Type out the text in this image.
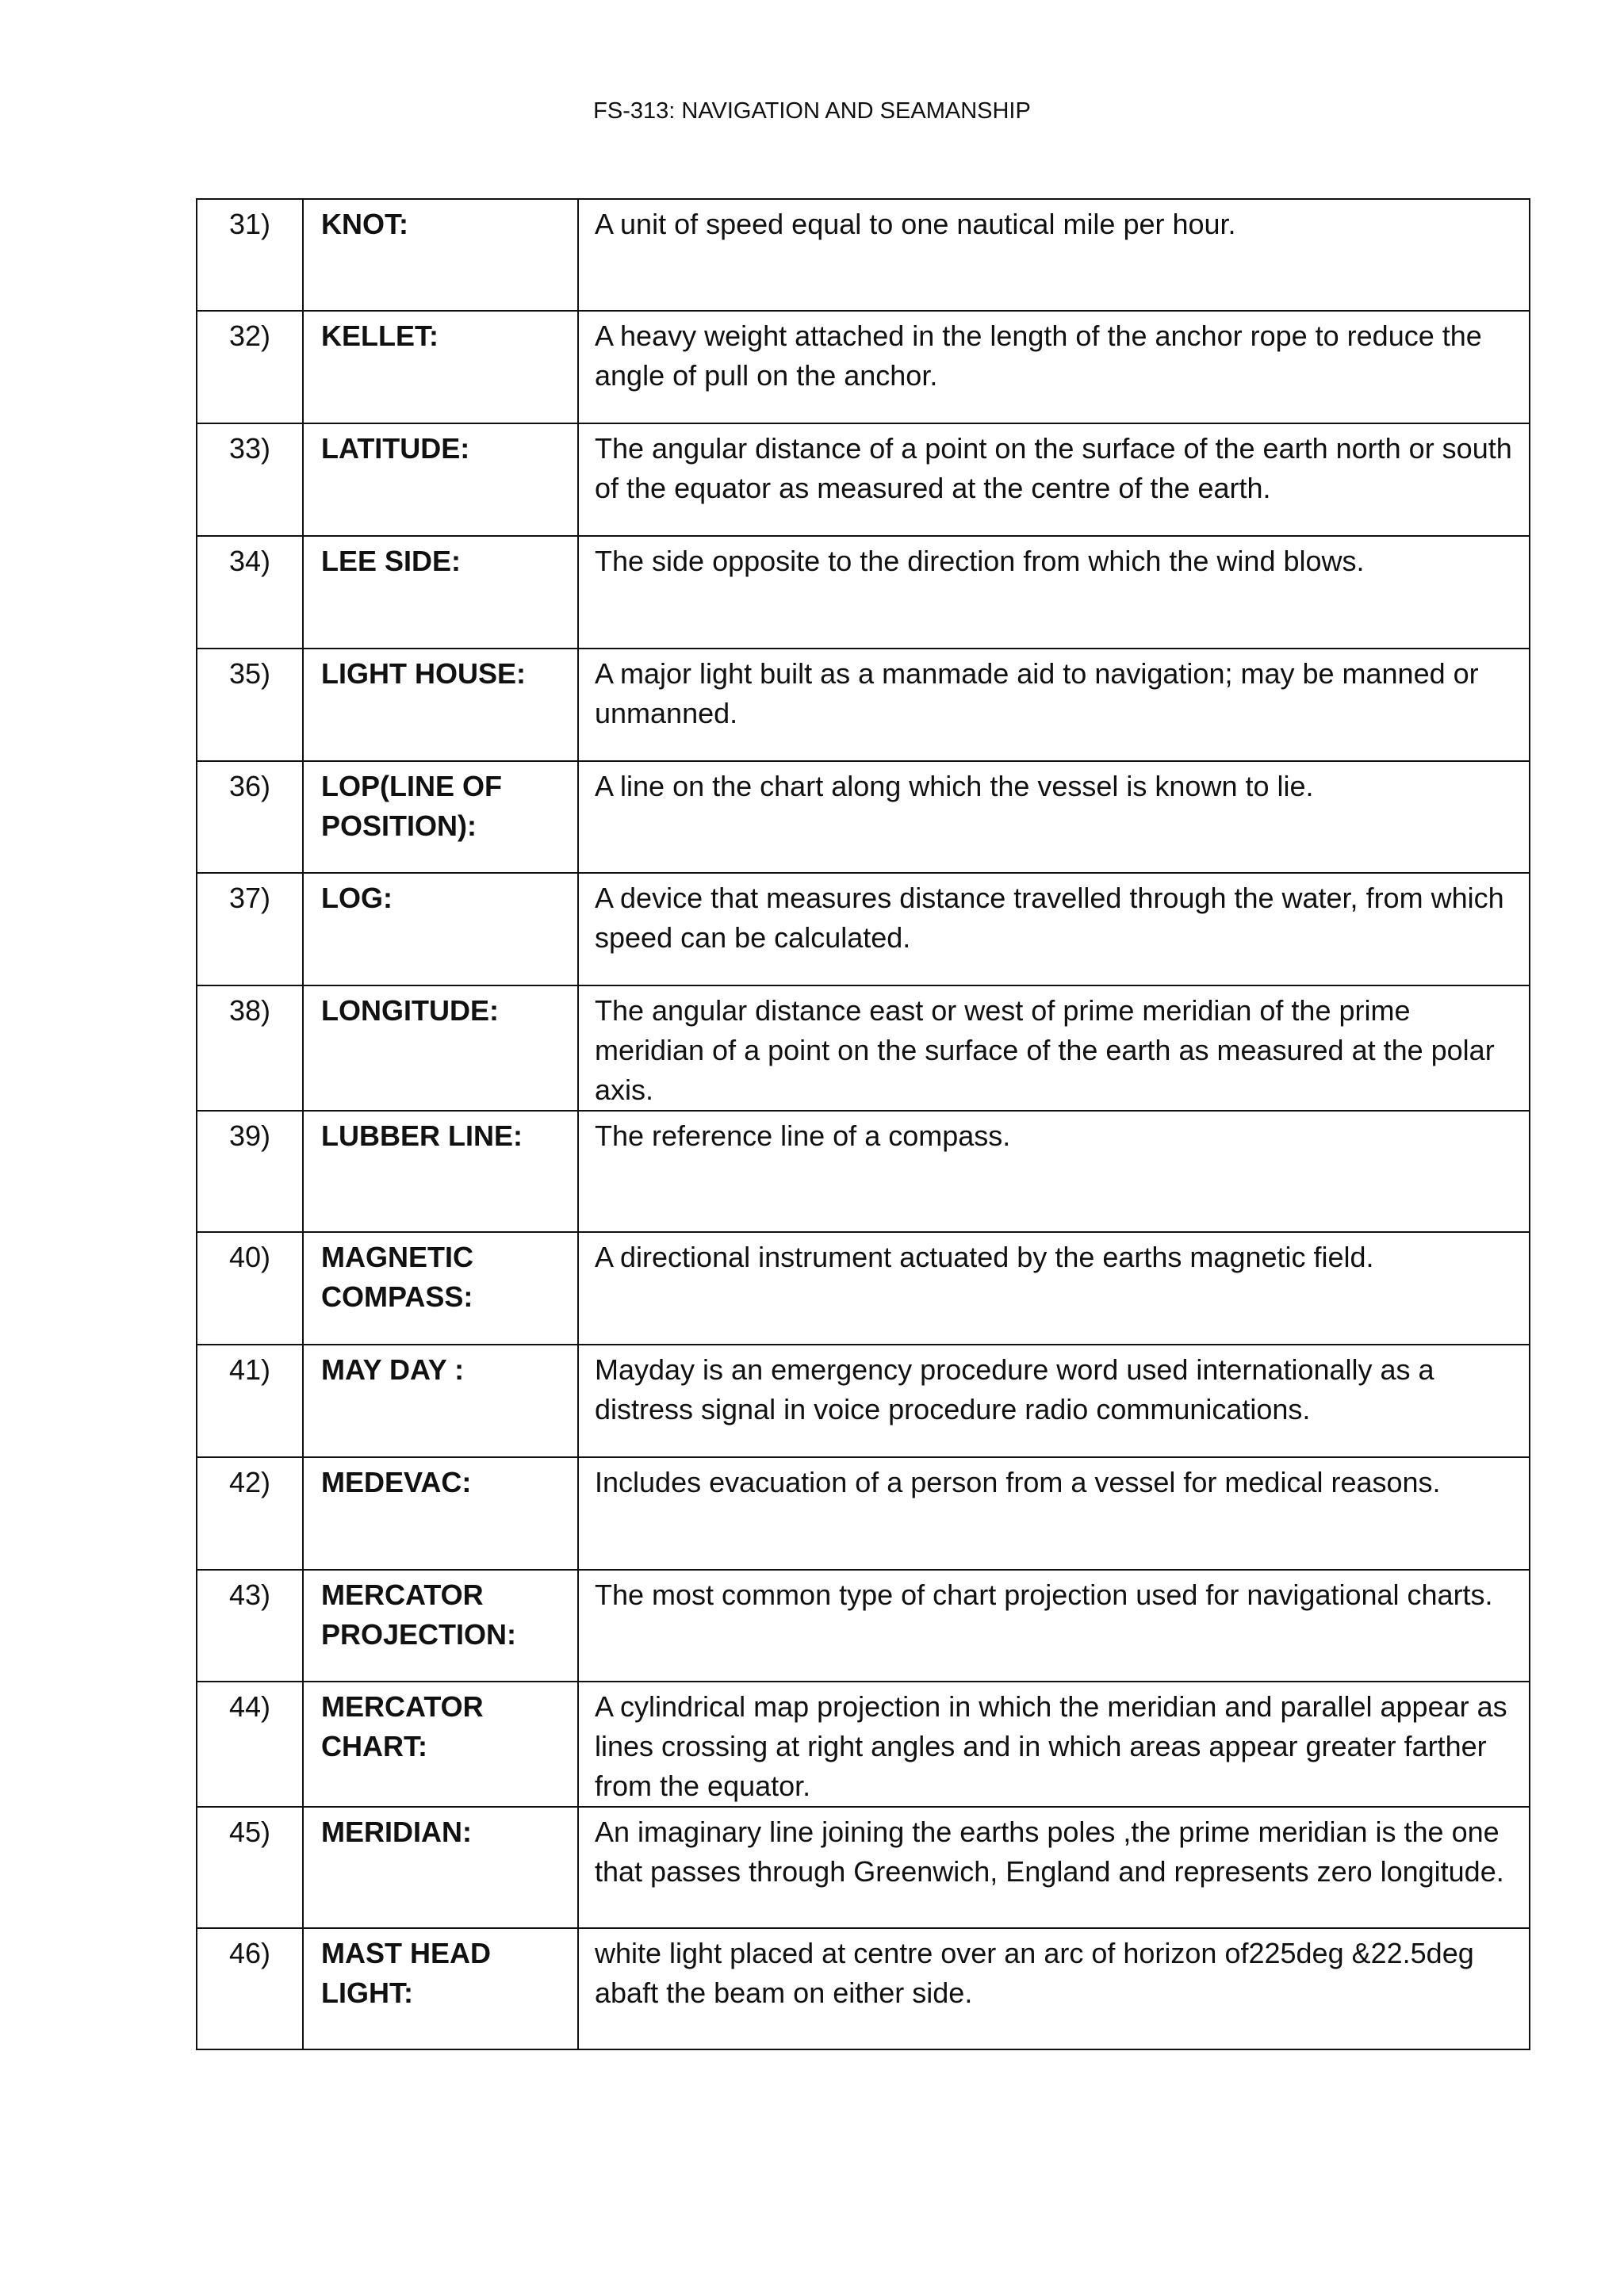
FS-313: NAVIGATION AND SEAMANSHIP
31)	KNOT:	A unit of speed equal to one nautical mile per hour.

32)	KELLET:	A heavy weight attached in the length of the anchor rope to reduce the angle of pull on the anchor.

33)	LATITUDE:	The angular distance of a point on the surface of the earth north or south of the equator as measured at the centre of the earth.

34)	LEE SIDE:	The side opposite to the direction from which the wind blows.

35)	LIGHT HOUSE:	A major light built as a manmade aid to navigation; may be manned or unmanned.

36)	LOP(LINE OF POSITION):	A line on the chart along which the vessel is known to lie.

37)	LOG:	A device that measures distance travelled through the water, from which speed can be calculated.

38)	LONGITUDE:	The angular distance east or west of prime meridian of the prime meridian of a point on the surface of the earth as measured at the polar axis.

39)	LUBBER LINE:	The reference line of a compass.

40)	MAGNETIC COMPASS:	A directional instrument actuated by the earths magnetic field.

41)	MAY DAY :	Mayday is an emergency procedure word used internationally as a distress signal in voice procedure radio communications.

42)	MEDEVAC:	Includes evacuation of a person from a vessel for medical reasons.

43)	MERCATOR PROJECTION:	The most common type of chart projection used for navigational charts.

44)	MERCATOR CHART:	A cylindrical map projection in which the meridian and parallel appear as lines crossing at right angles and in which areas appear greater farther from the equator.

45)	MERIDIAN:	An imaginary line joining the earths poles ,the prime meridian is the one that passes through Greenwich, England and represents zero longitude.

46)	MAST HEAD LIGHT:	white light placed at centre over an arc of horizon of225deg &22.5deg abaft the beam on either side.
